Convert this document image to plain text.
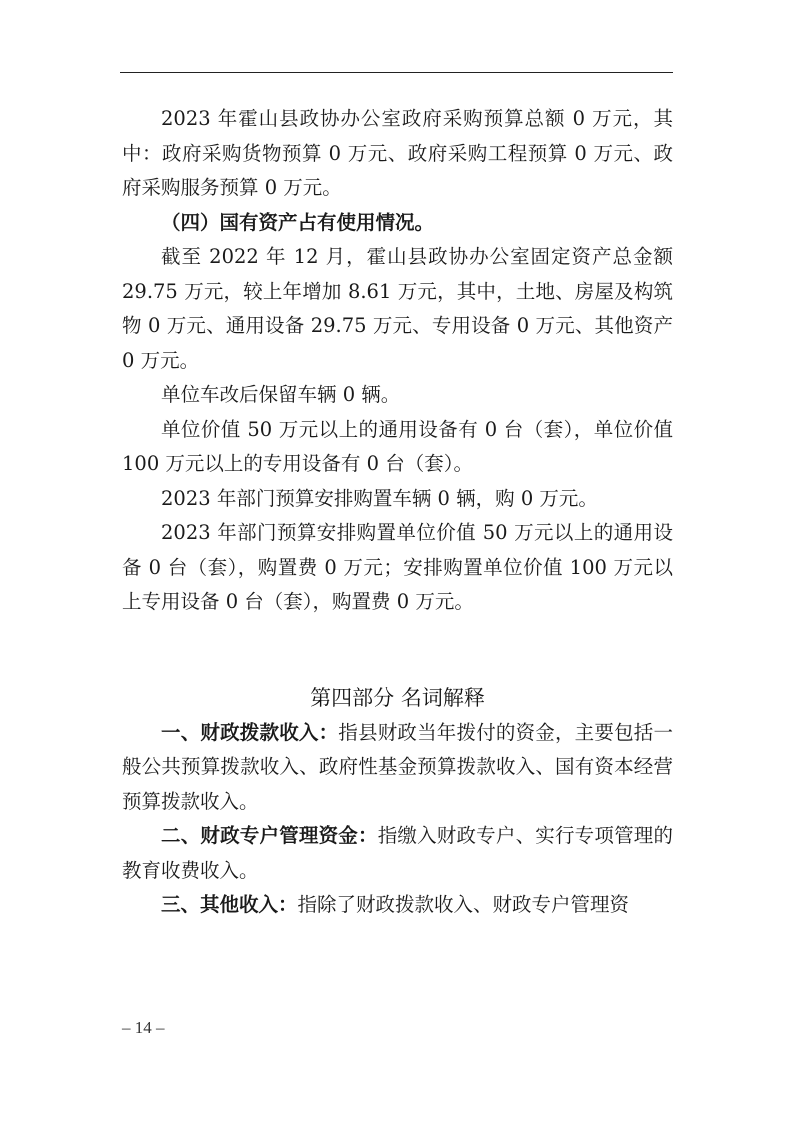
2023 年霍山县政协办公室政府采购预算总额 0 万元，其中：政府采购货物预算 0 万元、政府采购工程预算 0 万元、政府采购服务预算 0 万元。

（四）国有资产占有使用情况。

截至 2022 年 12 月，霍山县政协办公室固定资产总金额 29.75 万元，较上年增加 8.61 万元，其中，土地、房屋及构筑物 0 万元、通用设备 29.75 万元、专用设备 0 万元、其他资产 0 万元。

单位车改后保留车辆 0 辆。

单位价值 50 万元以上的通用设备有 0 台（套），单位价值 100 万元以上的专用设备有 0 台（套）。

2023 年部门预算安排购置车辆 0 辆，购 0 万元。

2023 年部门预算安排购置单位价值 50 万元以上的通用设备 0 台（套），购置费 0 万元；安排购置单位价值 100 万元以上专用设备 0 台（套），购置费 0 万元。

第四部分 名词解释

一、财政拨款收入：指县财政当年拨付的资金，主要包括一般公共预算拨款收入、政府性基金预算拨款收入、国有资本经营预算拨款收入。

二、财政专户管理资金：指缴入财政专户、实行专项管理的教育收费收入。

三、其他收入：指除了财政拨款收入、财政专户管理资

– 14 –
